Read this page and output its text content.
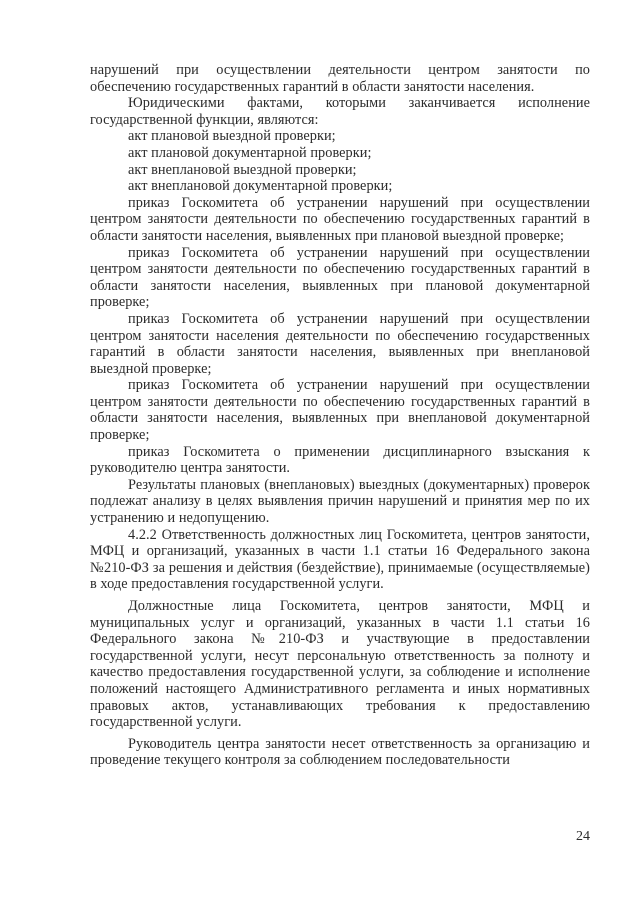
нарушений при осуществлении деятельности центром занятости по обеспечению государственных гарантий в области занятости населения.

Юридическими фактами, которыми заканчивается исполнение государственной функции, являются:

акт плановой выездной проверки;

акт плановой документарной проверки;

акт внеплановой выездной проверки;

акт внеплановой документарной проверки;

приказ Госкомитета об устранении нарушений при осуществлении центром занятости деятельности по обеспечению государственных гарантий в области занятости населения, выявленных при плановой выездной проверке;

приказ Госкомитета об устранении нарушений при осуществлении центром занятости деятельности по обеспечению государственных гарантий в области занятости населения, выявленных при плановой документарной проверке;

приказ Госкомитета об устранении нарушений при осуществлении центром занятости населения деятельности по обеспечению государственных гарантий в области занятости населения, выявленных при внеплановой выездной проверке;

приказ Госкомитета об устранении нарушений при осуществлении центром занятости деятельности по обеспечению государственных гарантий в области занятости населения, выявленных при внеплановой документарной проверке;

приказ Госкомитета о применении дисциплинарного взыскания к руководителю центра занятости.

Результаты плановых (внеплановых) выездных (документарных) проверок подлежат анализу в целях выявления причин нарушений и принятия мер по их устранению и недопущению.

4.2.2 Ответственность должностных лиц Госкомитета, центров занятости, МФЦ и организаций, указанных в части 1.1 статьи 16 Федерального закона №210-ФЗ за решения и действия (бездействие), принимаемые (осуществляемые) в ходе предоставления государственной услуги.

Должностные лица Госкомитета, центров занятости, МФЦ и муниципальных услуг и организаций, указанных в части 1.1 статьи 16 Федерального закона №210-ФЗ и участвующие в предоставлении государственной услуги, несут персональную ответственность за полноту и качество предоставления государственной услуги, за соблюдение и исполнение положений настоящего Административного регламента и иных нормативных правовых актов, устанавливающих требования к предоставлению государственной услуги.

Руководитель центра занятости несет ответственность за организацию и проведение текущего контроля за соблюдением последовательности

24
